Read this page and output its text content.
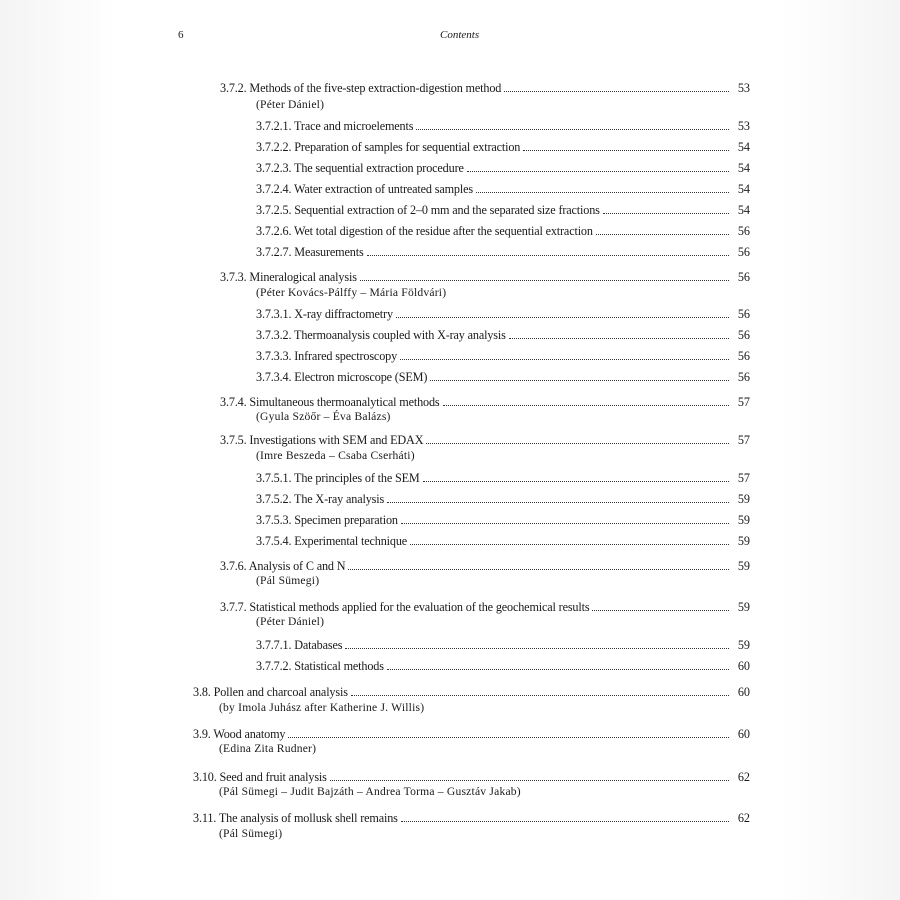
6	Contents
3.7.2. Methods of the five-step extraction-digestion method	53
(Péter Dániel)
3.7.2.1. Trace and microelements	53
3.7.2.2. Preparation of samples for sequential extraction	54
3.7.2.3. The sequential extraction procedure	54
3.7.2.4. Water extraction of untreated samples	54
3.7.2.5. Sequential extraction of 2–0 mm and the separated size fractions	54
3.7.2.6. Wet total digestion of the residue after the sequential extraction	56
3.7.2.7. Measurements	56
3.7.3. Mineralogical analysis	56
(Péter Kovács-Pálffy – Mária Földvári)
3.7.3.1. X-ray diffractometry	56
3.7.3.2. Thermoanalysis coupled with X-ray analysis	56
3.7.3.3. Infrared spectroscopy	56
3.7.3.4. Electron microscope (SEM)	56
3.7.4. Simultaneous thermoanalytical methods	57
(Gyula Szöőr – Éva Balázs)
3.7.5. Investigations with SEM and EDAX	57
(Imre Beszeda – Csaba Cserháti)
3.7.5.1. The principles of the SEM	57
3.7.5.2. The X-ray analysis	59
3.7.5.3. Specimen preparation	59
3.7.5.4. Experimental technique	59
3.7.6. Analysis of C and N	59
(Pál Sümegi)
3.7.7. Statistical methods applied for the evaluation of the geochemical results	59
(Péter Dániel)
3.7.7.1. Databases	59
3.7.7.2. Statistical methods	60
3.8. Pollen and charcoal analysis	60
(by Imola Juhász after Katherine J. Willis)
3.9. Wood anatomy	60
(Edina Zita Rudner)
3.10. Seed and fruit analysis	62
(Pál Sümegi – Judit Bajzáth – Andrea Torma – Gusztáv Jakab)
3.11. The analysis of mollusk shell remains	62
(Pál Sümegi)
